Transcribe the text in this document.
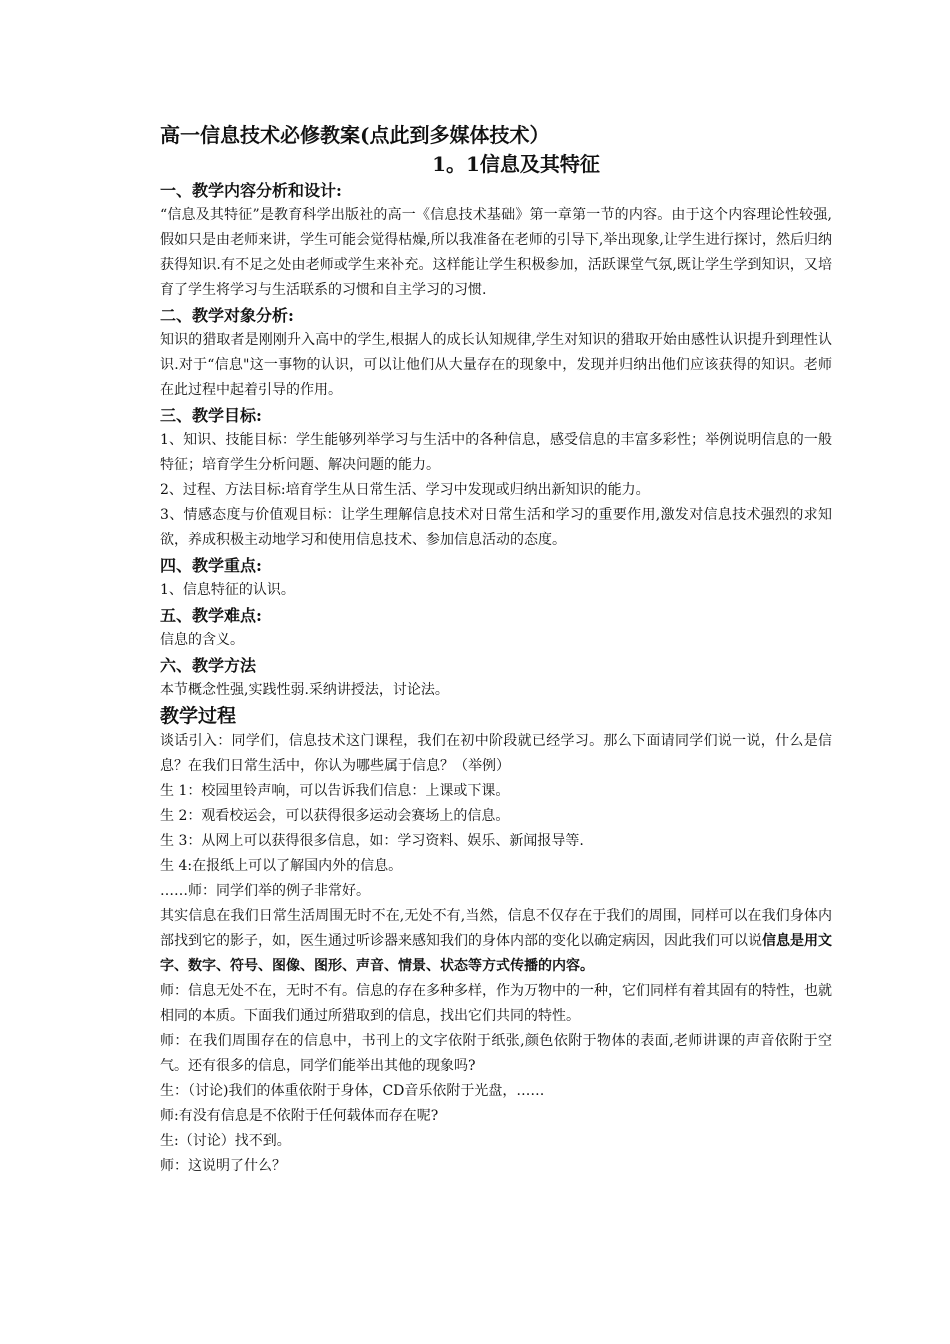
高一信息技术必修教案(点此到多媒体技术）

1。1信息及其特征

一、教学内容分析和设计:

“信息及其特征”是教育科学出版社的高一《信息技术基础》第一章第一节的内容。由于这个内容理论性较强,假如只是由老师来讲，学生可能会觉得枯燥,所以我准备在老师的引导下,举出现象,让学生进行探讨，然后归纳获得知识.有不足之处由老师或学生来补充。这样能让学生积极参加，活跃课堂气氛,既让学生学到知识，又培育了学生将学习与生活联系的习惯和自主学习的习惯.

二、教学对象分析:

知识的猎取者是刚刚升入高中的学生,根据人的成长认知规律,学生对知识的猎取开始由感性认识提升到理性认识.对于“信息"这一事物的认识，可以让他们从大量存在的现象中，发现并归纳出他们应该获得的知识。老师在此过程中起着引导的作用。

三、教学目标:

1、知识、技能目标：学生能够列举学习与生活中的各种信息，感受信息的丰富多彩性；举例说明信息的一般特征；培育学生分析问题、解决问题的能力。

2、过程、方法目标:培育学生从日常生活、学习中发现或归纳出新知识的能力。

3、情感态度与价值观目标：让学生理解信息技术对日常生活和学习的重要作用,激发对信息技术强烈的求知欲，养成积极主动地学习和使用信息技术、参加信息活动的态度。

四、教学重点:

1、信息特征的认识。

五、教学难点:

信息的含义。

六、教学方法

本节概念性强,实践性弱.采纳讲授法，讨论法。

教学过程

谈话引入：同学们，信息技术这门课程，我们在初中阶段就已经学习。那么下面请同学们说一说，什么是信息？在我们日常生活中，你认为哪些属于信息？（举例）

生 1：校园里铃声响，可以告诉我们信息：上课或下课。

生 2：观看校运会，可以获得很多运动会赛场上的信息。

生 3：从网上可以获得很多信息，如：学习资料、娱乐、新闻报导等.

生 4:在报纸上可以了解国内外的信息。

……师：同学们举的例子非常好。

其实信息在我们日常生活周围无时不在,无处不有,当然，信息不仅存在于我们的周围，同样可以在我们身体内部找到它的影子，如，医生通过听诊器来感知我们的身体内部的变化以确定病因，因此我们可以说信息是用文字、数字、符号、图像、图形、声音、情景、状态等方式传播的内容。

师：信息无处不在，无时不有。信息的存在多种多样，作为万物中的一种，它们同样有着其固有的特性，也就相同的本质。下面我们通过所猎取到的信息，找出它们共同的特性。

师：在我们周围存在的信息中，书刊上的文字依附于纸张,颜色依附于物体的表面,老师讲课的声音依附于空气。还有很多的信息，同学们能举出其他的现象吗?

生：（讨论)我们的体重依附于身体，CD音乐依附于光盘，……

师:有没有信息是不依附于任何载体而存在呢?

生:（讨论）找不到。

师：这说明了什么？
